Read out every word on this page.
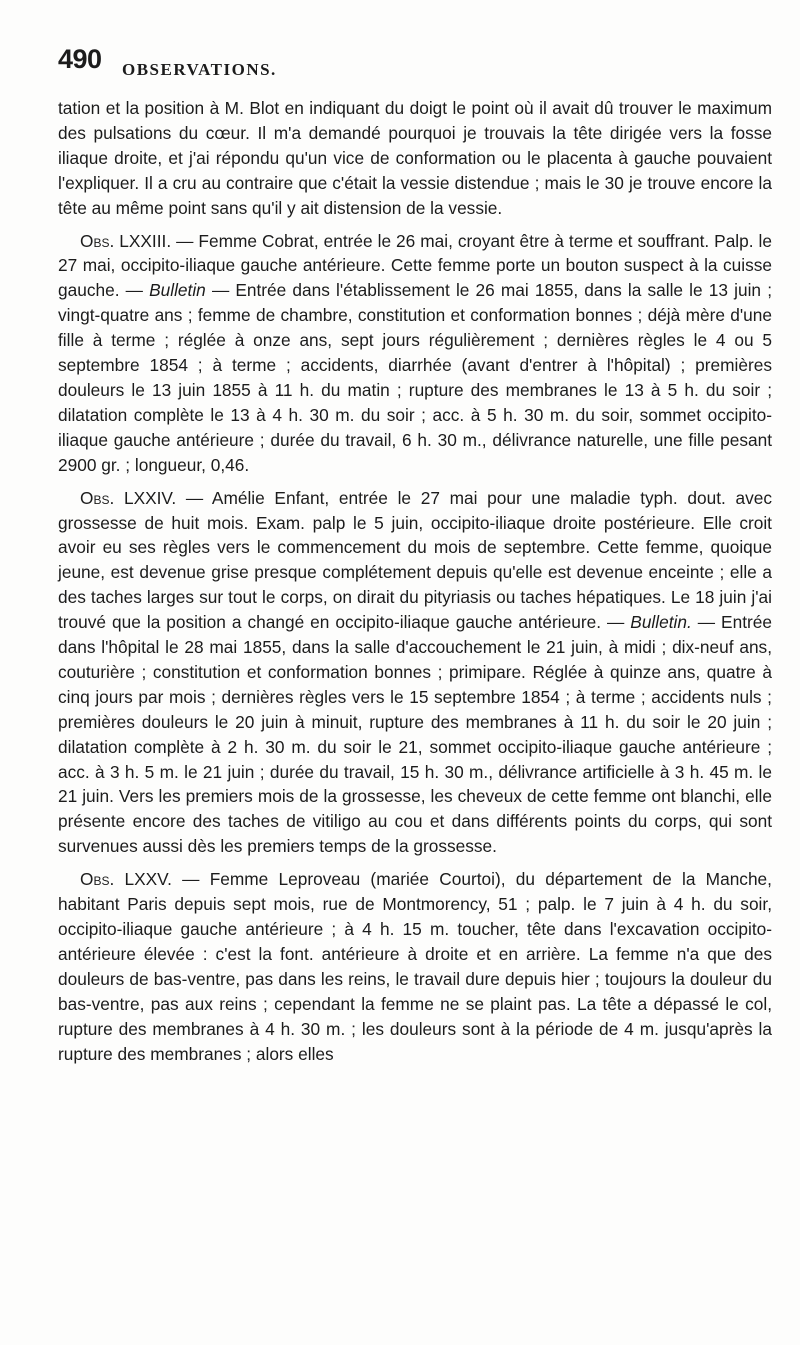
490 OBSERVATIONS.

tation et la position à M. Blot en indiquant du doigt le point où il avait dû trouver le maximum des pulsations du cœur. Il m'a demandé pourquoi je trouvais la tête dirigée vers la fosse iliaque droite, et j'ai répondu qu'un vice de conformation ou le placenta à gauche pouvaient l'expliquer. Il a cru au contraire que c'était la vessie distendue ; mais le 30 je trouve encore la tête au même point sans qu'il y ait distension de la vessie.

Obs. LXXIII. — Femme Cobrat, entrée le 26 mai, croyant être à terme et souffrant. Palp. le 27 mai, occipito-iliaque gauche antérieure. Cette femme porte un bouton suspect à la cuisse gauche. — Bulletin — Entrée dans l'établissement le 26 mai 1855, dans la salle le 13 juin ; vingt-quatre ans ; femme de chambre, constitution et conformation bonnes ; déjà mère d'une fille à terme ; réglée à onze ans, sept jours régulièrement ; dernières règles le 4 ou 5 septembre 1854 ; à terme ; accidents, diarrhée (avant d'entrer à l'hôpital) ; premières douleurs le 13 juin 1855 à 11 h. du matin ; rupture des membranes le 13 à 5 h. du soir ; dilatation complète le 13 à 4 h. 30 m. du soir ; acc. à 5 h. 30 m. du soir, sommet occipito-iliaque gauche antérieure ; durée du travail, 6 h. 30 m., délivrance naturelle, une fille pesant 2900 gr. ; longueur, 0,46.

Obs. LXXIV. — Amélie Enfant, entrée le 27 mai pour une maladie typh. dout. avec grossesse de huit mois. Exam. palp le 5 juin, occipito-iliaque droite postérieure. Elle croit avoir eu ses règles vers le commencement du mois de septembre. Cette femme, quoique jeune, est devenue grise presque complétement depuis qu'elle est devenue enceinte ; elle a des taches larges sur tout le corps, on dirait du pityriasis ou taches hépatiques. Le 18 juin j'ai trouvé que la position a changé en occipito-iliaque gauche antérieure. — Bulletin. — Entrée dans l'hôpital le 28 mai 1855, dans la salle d'accouchement le 21 juin, à midi ; dix-neuf ans, couturière ; constitution et conformation bonnes ; primipare. Réglée à quinze ans, quatre à cinq jours par mois ; dernières règles vers le 15 septembre 1854 ; à terme ; accidents nuls ; premières douleurs le 20 juin à minuit, rupture des membranes à 11 h. du soir le 20 juin ; dilatation complète à 2 h. 30 m. du soir le 21, sommet occipito-iliaque gauche antérieure ; acc. à 3 h. 5 m. le 21 juin ; durée du travail, 15 h. 30 m., délivrance artificielle à 3 h. 45 m. le 21 juin. Vers les premiers mois de la grossesse, les cheveux de cette femme ont blanchi, elle présente encore des taches de vitiligo au cou et dans différents points du corps, qui sont survenues aussi dès les premiers temps de la grossesse.

Obs. LXXV. — Femme Leproveau (mariée Courtoi), du département de la Manche, habitant Paris depuis sept mois, rue de Montmorency, 51 ; palp. le 7 juin à 4 h. du soir, occipito-iliaque gauche antérieure ; à 4 h. 15 m. toucher, tête dans l'excavation occipito-antérieure élevée : c'est la font. antérieure à droite et en arrière. La femme n'a que des douleurs de bas-ventre, pas dans les reins, le travail dure depuis hier ; toujours la douleur du bas-ventre, pas aux reins ; cependant la femme ne se plaint pas. La tête a dépassé le col, rupture des membranes à 4 h. 30 m. ; les douleurs sont à la période de 4 m. jusqu'après la rupture des membranes ; alors elles
